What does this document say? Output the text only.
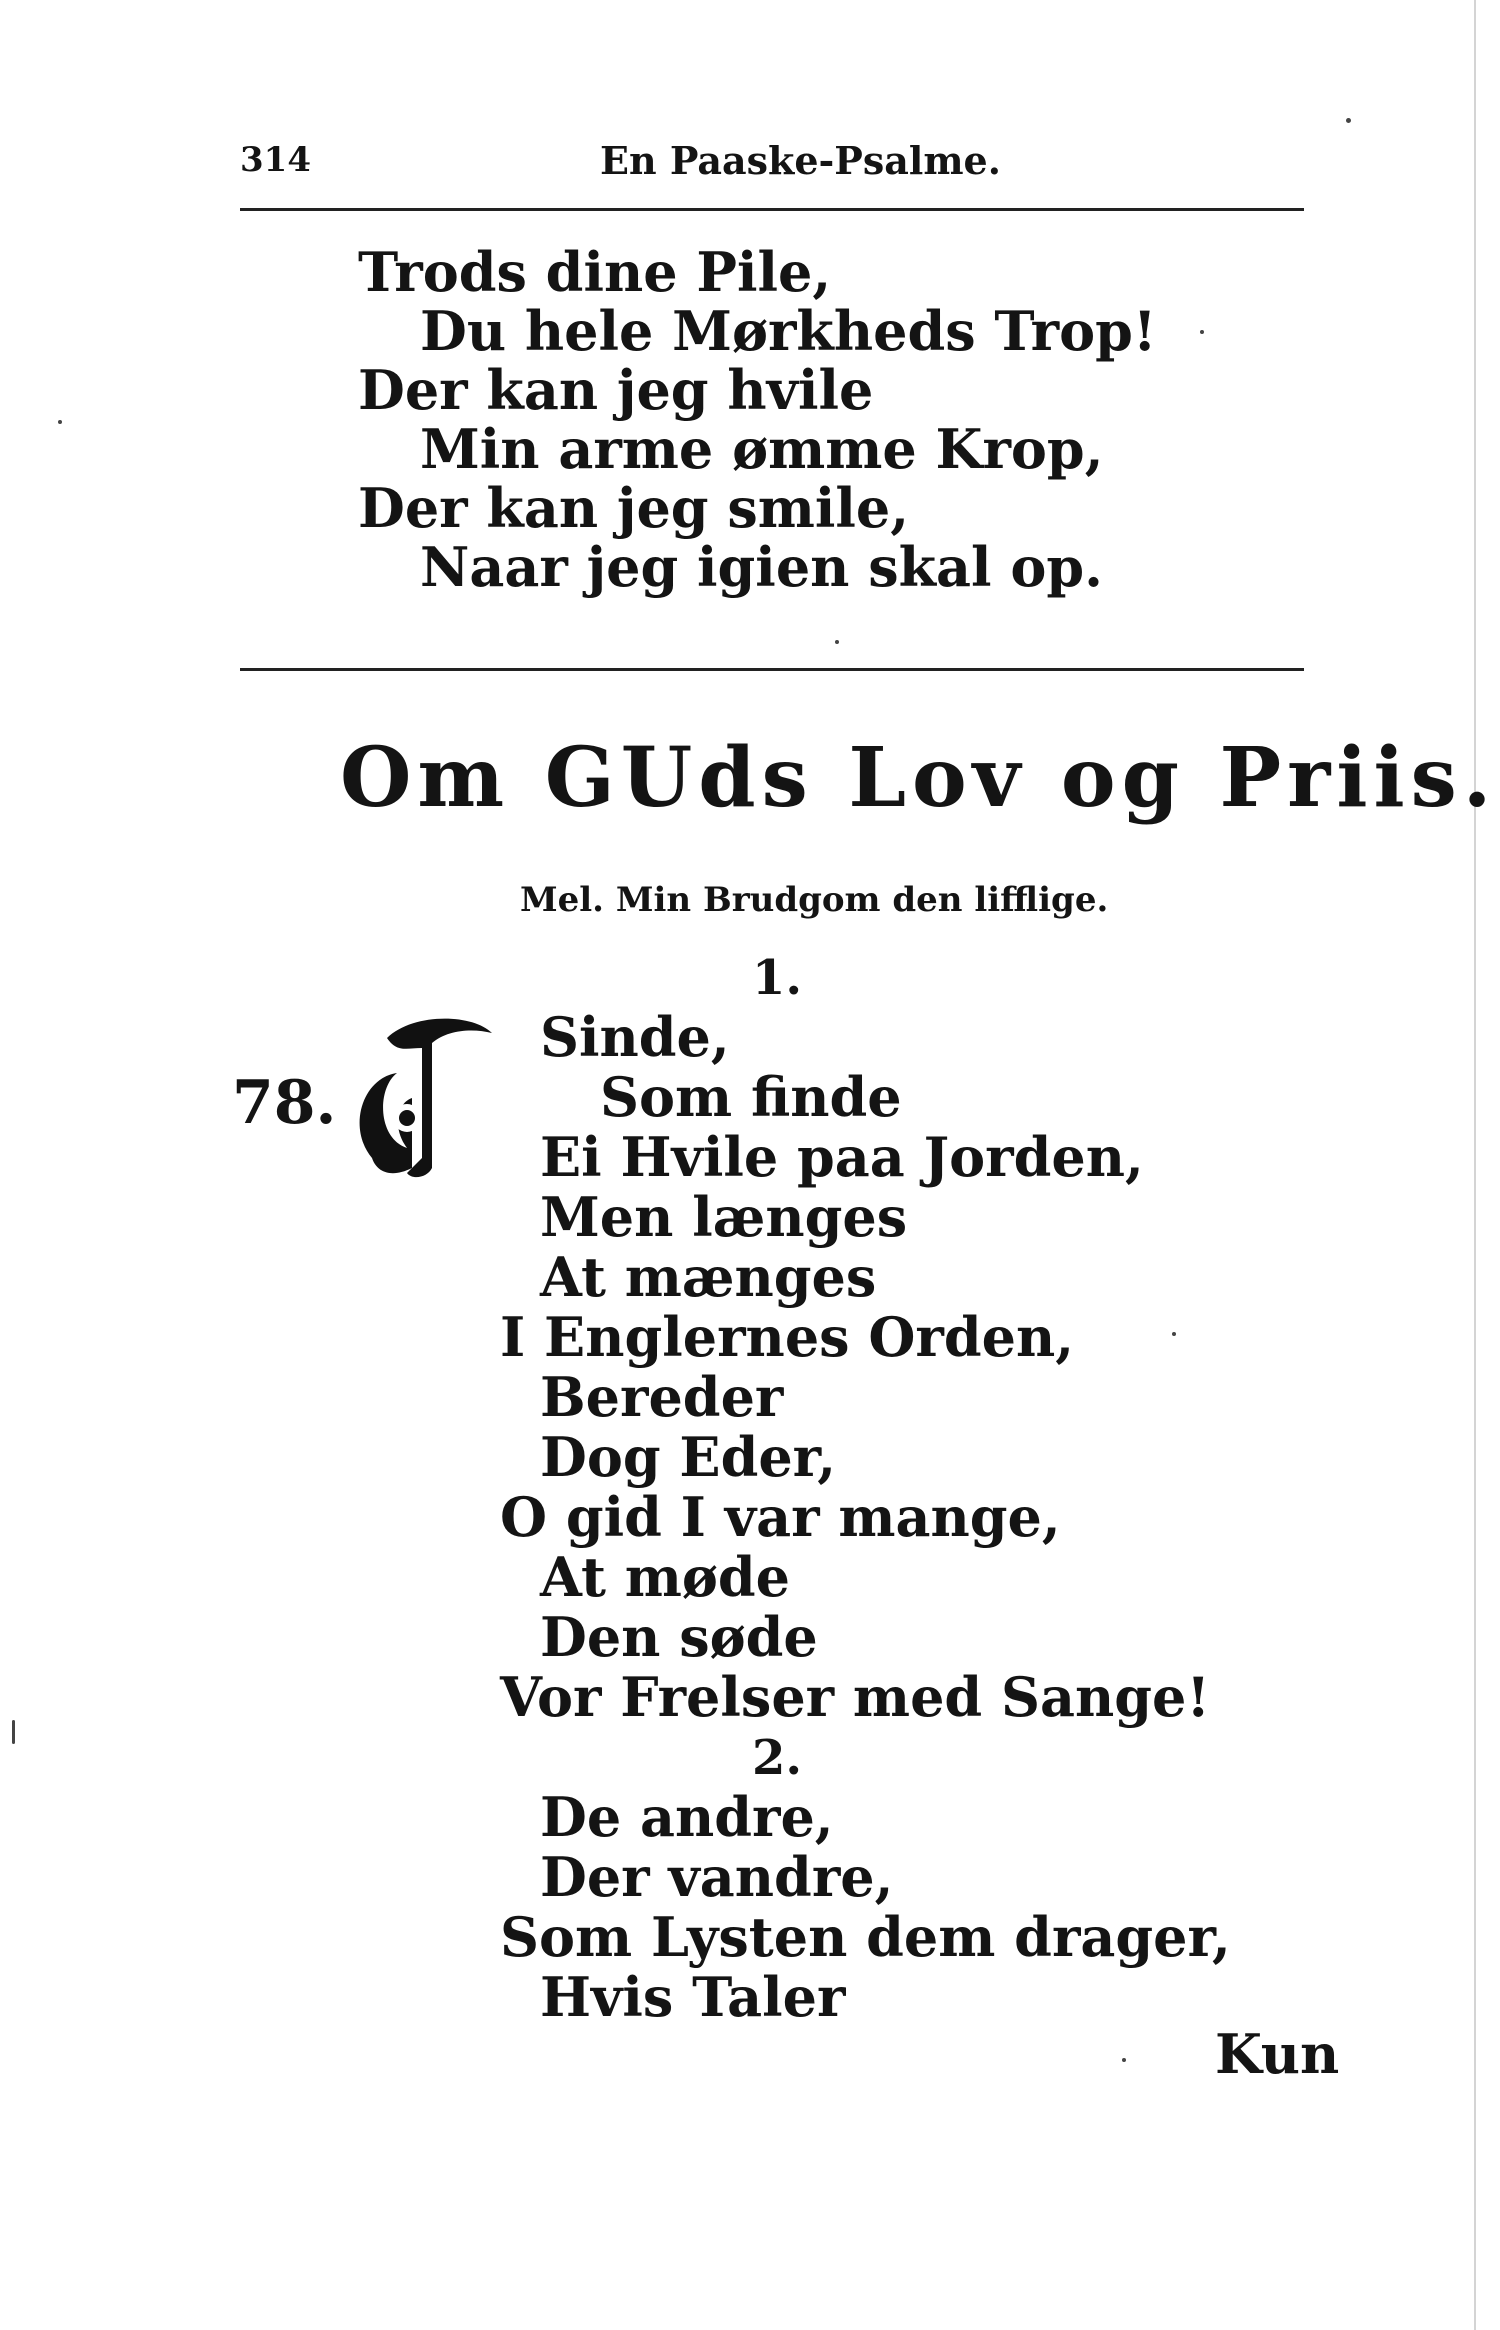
314	En Paaske-Psalme.
Trods dine Pile,
Du hele Mørkheds Trop!
Der kan jeg hvile
Min arme ømme Krop,
Der kan jeg smile,
Naar jeg igien skal op.
Om GUds Lov og Priis.
Mel. Min Brudgom den lifflige.
1.
78.
Sinde,
Som finde
Ei Hvile paa Jorden,
Men længes
At mænges
I Englernes Orden,
Bereder
Dog Eder,
O gid I var mange,
At møde
Den søde
Vor Frelser med Sange!
2.
De andre,
Der vandre,
Som Lysten dem drager,
Hvis Taler
Kun
